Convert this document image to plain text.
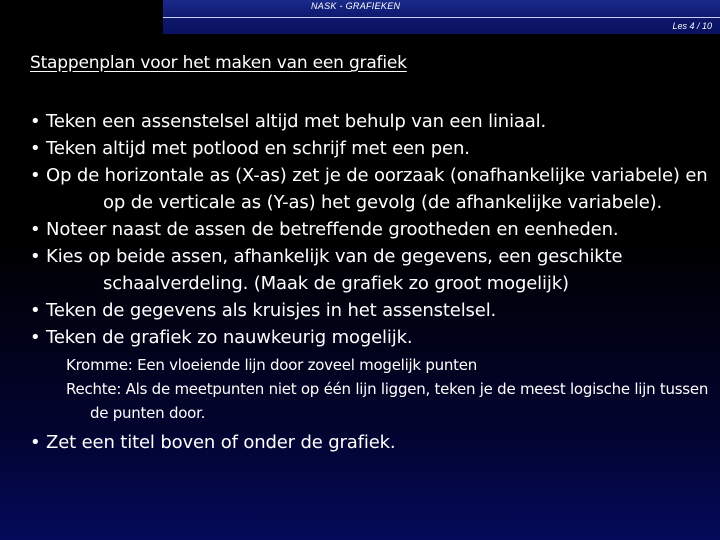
NASK - GRAFIEKEN
Les 4 / 10
Stappenplan voor het maken van een grafiek
• Teken een assenstelsel altijd met behulp van een liniaal.
• Teken altijd met potlood en schrijf met een pen.
• Op de horizontale as (X-as) zet je de oorzaak (onafhankelijke variabele) en op de verticale as (Y-as) het gevolg (de afhankelijke variabele).
• Noteer naast de assen de betreffende grootheden en eenheden.
• Kies op beide assen, afhankelijk van de gegevens, een geschikte schaalverdeling. (Maak de grafiek zo groot mogelijk)
• Teken de gegevens als kruisjes in het assenstelsel.
• Teken de grafiek zo nauwkeurig mogelijk.
Kromme: Een vloeiende lijn door zoveel mogelijk punten
Rechte: Als de meetpunten niet op één lijn liggen, teken je de meest logische lijn tussen de punten door.
• Zet een titel boven of onder de grafiek.
